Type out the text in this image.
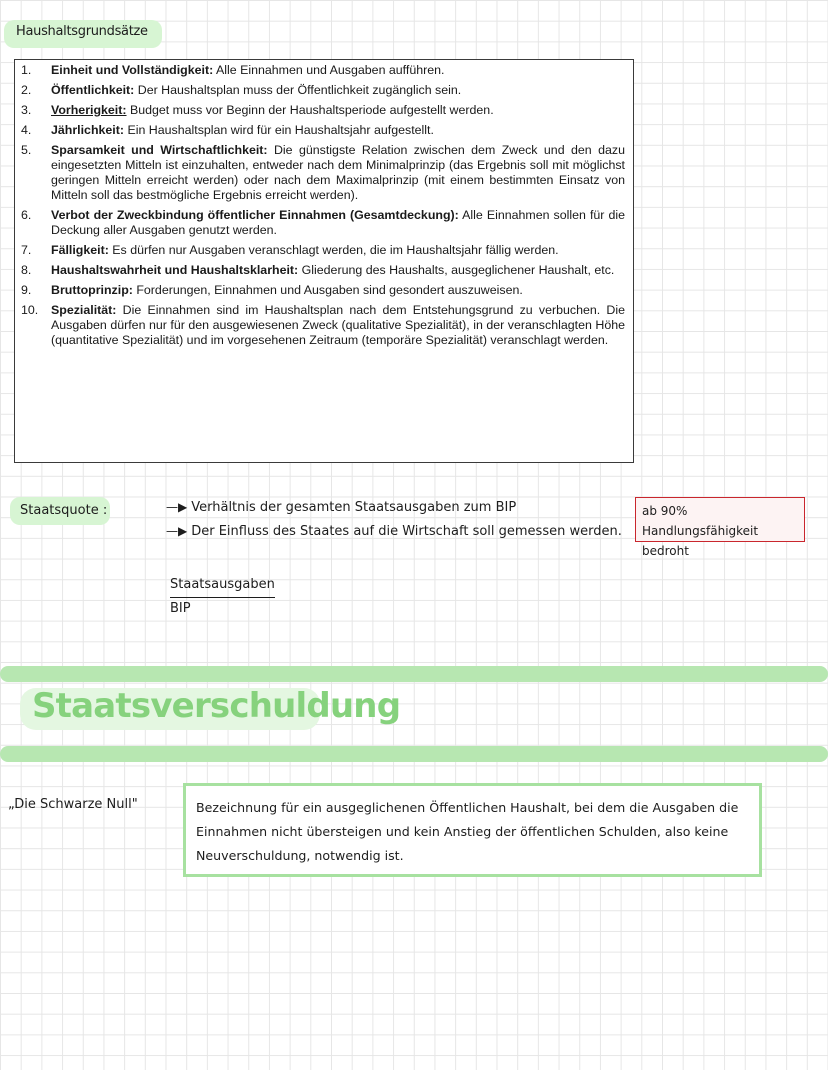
Haushaltsgrundsätze
1.	Einheit und Vollständigkeit: Alle Einnahmen und Ausgaben aufführen.
2.	Öffentlichkeit: Der Haushaltsplan muss der Öffentlichkeit zugänglich sein.
3.	Vorherigkeit: Budget muss vor Beginn der Haushaltsperiode aufgestellt werden.
4.	Jährlichkeit: Ein Haushaltsplan wird für ein Haushaltsjahr aufgestellt.
5.	Sparsamkeit und Wirtschaftlichkeit: Die günstigste Relation zwischen dem Zweck und den dazu eingesetzten Mitteln ist einzuhalten, entweder nach dem Minimalprinzip (das Ergebnis soll mit möglichst geringen Mitteln erreicht werden) oder nach dem Maximalprinzip (mit einem bestimmten Einsatz von Mitteln soll das bestmögliche Ergebnis erreicht werden).
6.	Verbot der Zweckbindung öffentlicher Einnahmen (Gesamtdeckung): Alle Einnahmen sollen für die Deckung aller Ausgaben genutzt werden.
7.	Fälligkeit: Es dürfen nur Ausgaben veranschlagt werden, die im Haushaltsjahr fällig werden.
8.	Haushaltswahrheit und Haushaltsklarheit: Gliederung des Haushalts, ausgeglichener Haushalt, etc.
9.	Bruttoprinzip: Forderungen, Einnahmen und Ausgaben sind gesondert auszuweisen.
10.	Spezialität: Die Einnahmen sind im Haushaltsplan nach dem Entstehungsgrund zu verbuchen. Die Ausgaben dürfen nur für den ausgewiesenen Zweck (qualitative Spezialität), in der veranschlagten Höhe (quantitative Spezialität) und im vorgesehenen Zeitraum (temporäre Spezialität) veranschlagt werden.
Staatsquote :	—▶ Verhältnis der gesamten Staatsausgaben zum BIP
—▶ Der Einfluss des Staates auf die Wirtschaft soll gemessen werden.
ab 90% Handlungsfähigkeit bedroht
Staatsausgaben

BIP
Staatsverschuldung
„Die Schwarze Null"	Bezeichnung für ein ausgeglichenen Öffentlichen Haushalt, bei dem die Ausgaben die Einnahmen nicht übersteigen und kein Anstieg der öffentlichen Schulden, also keine Neuverschuldung, notwendig ist.
